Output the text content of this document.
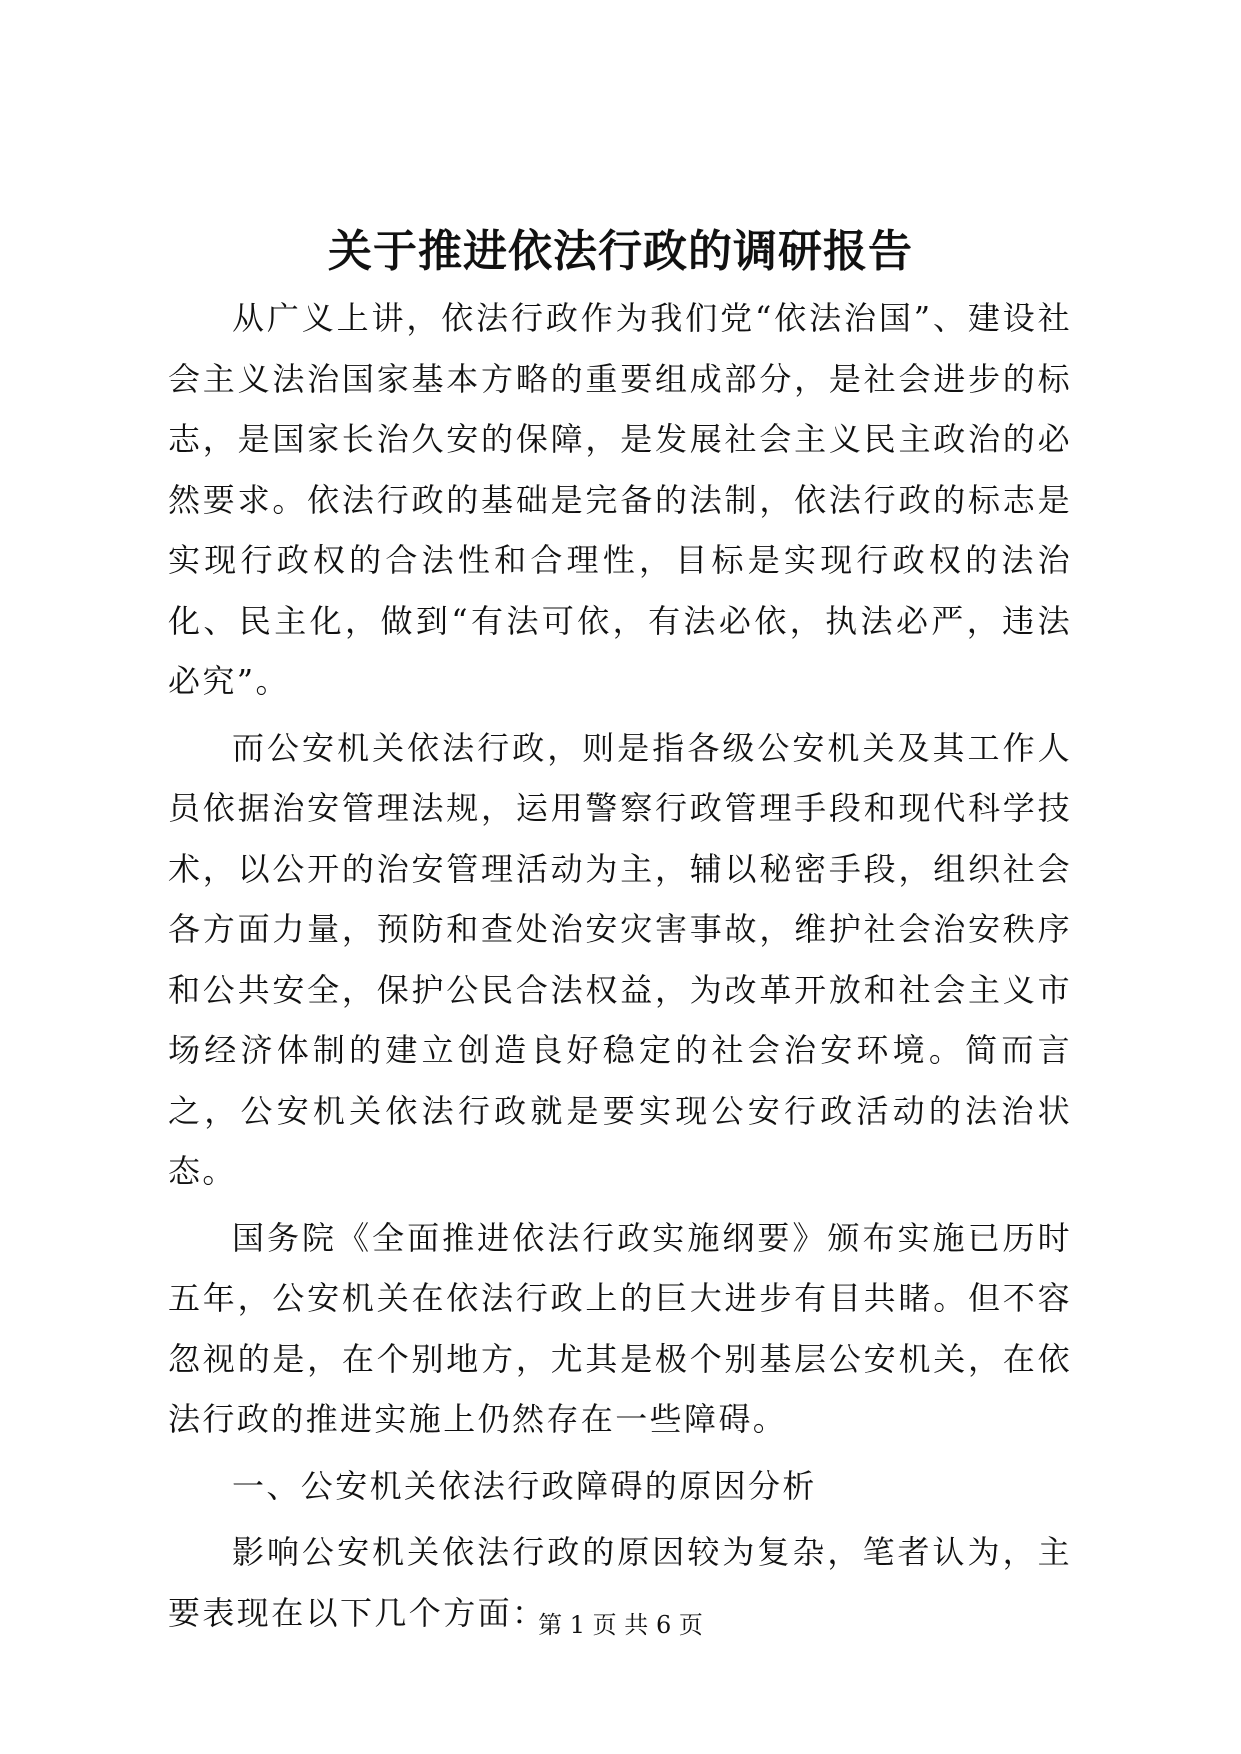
关于推进依法行政的调研报告

从广义上讲，依法行政作为我们党“依法治国”、建设社会主义法治国家基本方略的重要组成部分，是社会进步的标志，是国家长治久安的保障，是发展社会主义民主政治的必然要求。依法行政的基础是完备的法制，依法行政的标志是实现行政权的合法性和合理性，目标是实现行政权的法治化、民主化，做到“有法可依，有法必依，执法必严，违法必究”。

而公安机关依法行政，则是指各级公安机关及其工作人员依据治安管理法规，运用警察行政管理手段和现代科学技术，以公开的治安管理活动为主，辅以秘密手段，组织社会各方面力量，预防和查处治安灾害事故，维护社会治安秩序和公共安全，保护公民合法权益，为改革开放和社会主义市场经济体制的建立创造良好稳定的社会治安环境。简而言之，公安机关依法行政就是要实现公安行政活动的法治状态。

国务院《全面推进依法行政实施纲要》颁布实施已历时五年，公安机关在依法行政上的巨大进步有目共睹。但不容忽视的是，在个别地方，尤其是极个别基层公安机关，在依法行政的推进实施上仍然存在一些障碍。

一、公安机关依法行政障碍的原因分析

影响公安机关依法行政的原因较为复杂，笔者认为，主要表现在以下几个方面：

第 1 页 共 6 页
